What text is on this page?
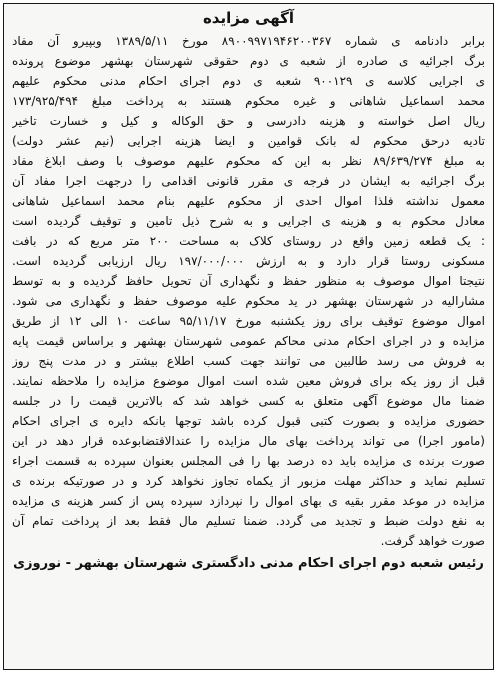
آگهی مزایده
برابر دادنامه ی شماره ۸۹۰۰۹۹۷۱۹۴۶۲۰۰۳۶۷ مورخ ۱۳۸۹/۵/۱۱ وبپیرو آن مفاد
برگ اجرائیه ی صادره از شعبه ی دوم حقوقی شهرستان بهشهر موضوع پرونده
ی اجرایی کلاسه ی ۹۰۰۱۲۹ شعبه ی دوم اجرای احکام مدنی محکوم علیهم
محمد اسماعیل شاهانی و غیره محکوم هستند به پرداخت مبلغ ۱۷۳/۹۲۵/۴۹۴
ریال اصل خواسته و هزینه دادرسی و حق الوکاله و کیل و خسارت تاخیر
تادیه درحق محکوم له بانک قوامین و ایضا هزینه اجرایی (نیم عشر دولت)
به مبلغ ۸۹/۶۳۹/۲۷۴ نظر به این که محکوم علیهم موصوف با وصف ابلاغ مفاد
برگ اجرائیه به ایشان در فرجه ی مقرر قانونی اقدامی را درجهت اجرا مفاد آن
معمول نداشته فلذا اموال احدی از محکوم علیهم بنام محمد اسماعیل شاهانی
معادل محکوم به و هزینه ی اجرایی و به شرح ذیل تامین و توقیف گردیده است
: یک قطعه زمین واقع در روستای کلاک به مساحت ۲۰۰ متر مربع که در بافت
مسکونی روستا قرار دارد و به ارزش ۱۹۷/۰۰۰/۰۰۰ ریال ارزیابی گردیده است.
نتیجتا اموال موصوف به منظور حفظ و نگهداری آن تحویل حافظ گردیده و به توسط
مشارالیه در شهرستان بهشهر در ید محکوم علیه موصوف حفظ و نگهداری می شود.
اموال موضوع توقیف برای روز یکشنبه مورخ ۹۵/۱۱/۱۷ ساعت ۱۰ الی ۱۲ از طریق
مزایده و در اجرای احکام مدنی محاکم عمومی شهرستان بهشهر و براساس قیمت پایه
به فروش می رسد طالبین می توانند جهت کسب اطلاع بیشتر و در مدت پنج روز
قبل از روز یکه برای فروش معین شده است اموال موضوع مزایده را ملاحظه نمایند.
ضمنا مال موضوع آگهی متعلق به کسی خواهد شد که بالاترین قیمت را در جلسه
حضوری مزایده و بصورت کتبی قبول کرده باشد توجها بانکه دایره ی اجرای احکام
(مامور اجرا) می تواند پرداخت بهای مال مزایده را عندالاقتضابوعده قرار دهد در این
صورت برنده ی مزایده باید ده درصد بها را فی المجلس بعنوان سپرده به قسمت اجراء
تسلیم نماید و حداکثر مهلت مزبور از یکماه تجاوز نخواهد کرد و در صورتیکه برنده ی
مزایده در موعد مقرر بقیه ی بهای اموال را نپردازد سپرده پس از کسر هزینه ی مزایده
به نفع دولت ضبط و تجدید می گردد. ضمنا تسلیم مال فقط بعد از پرداخت تمام آن
صورت خواهد گرفت.
رئیس شعبه دوم اجرای احکام مدنی دادگستری شهرستان بهشهر - نوروزی
